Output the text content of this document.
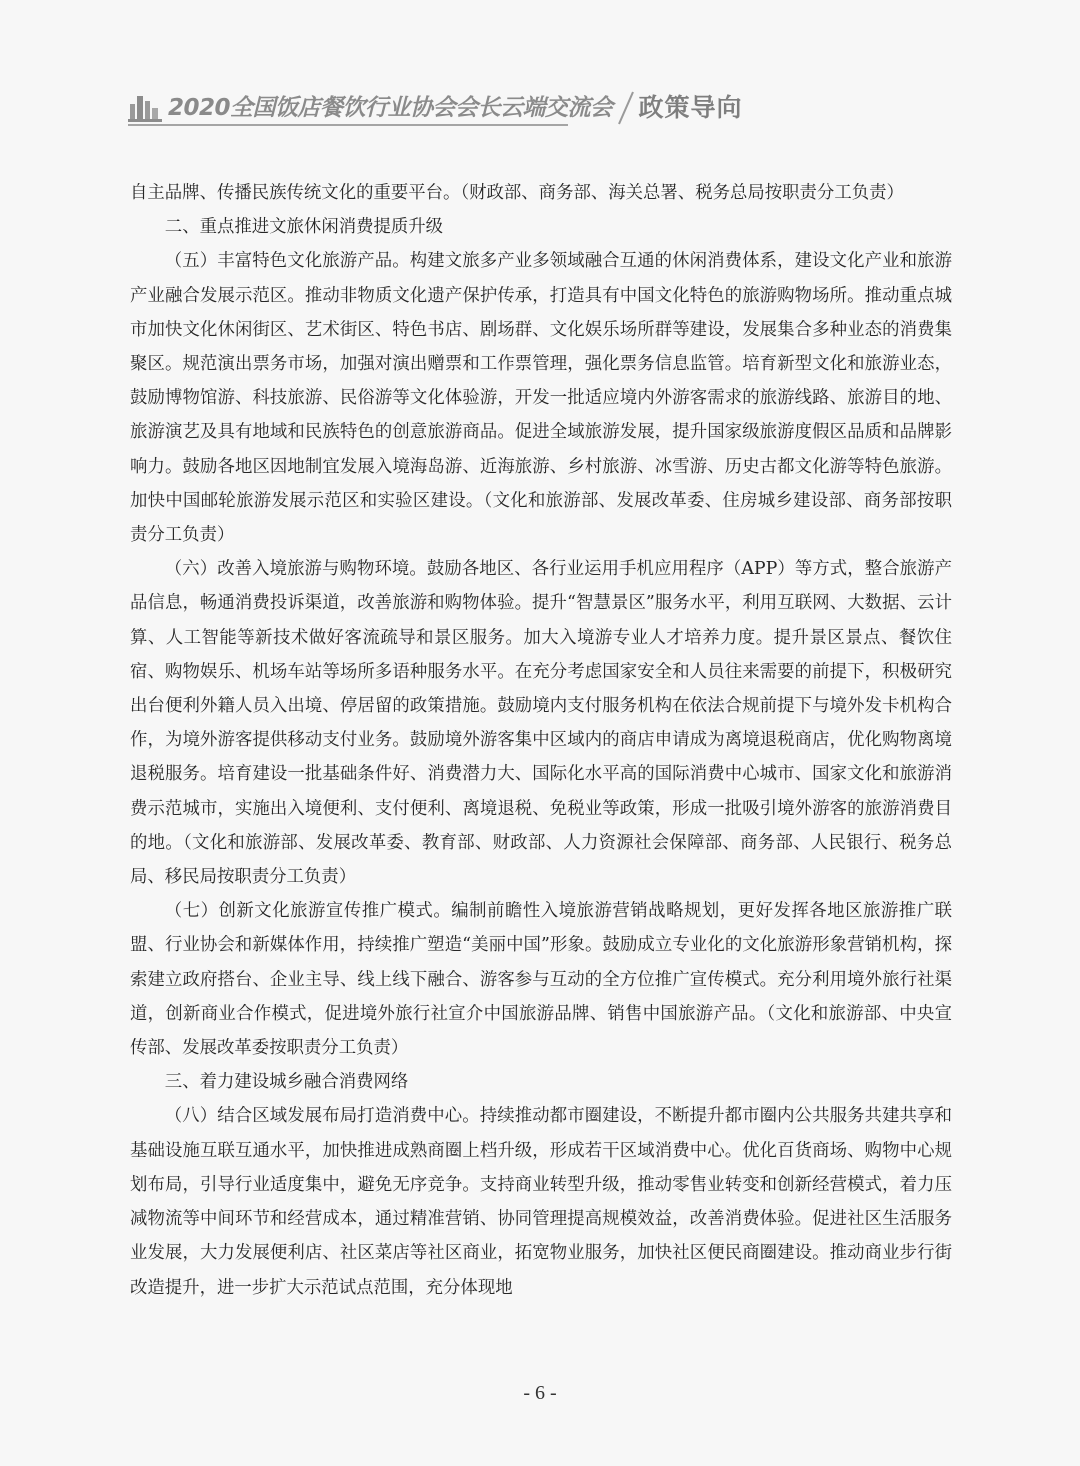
2020全国饭店餐饮行业协会会长云端交流会 政策导向

自主品牌、传播民族传统文化的重要平台。（财政部、商务部、海关总署、税务总局按职责分工负责）

二、重点推进文旅休闲消费提质升级

（五）丰富特色文化旅游产品。构建文旅多产业多领域融合互通的休闲消费体系，建设文化产业和旅游产业融合发展示范区。推动非物质文化遗产保护传承，打造具有中国文化特色的旅游购物场所。推动重点城市加快文化休闲街区、艺术街区、特色书店、剧场群、文化娱乐场所群等建设，发展集合多种业态的消费集聚区。规范演出票务市场，加强对演出赠票和工作票管理，强化票务信息监管。培育新型文化和旅游业态，鼓励博物馆游、科技旅游、民俗游等文化体验游，开发一批适应境内外游客需求的旅游线路、旅游目的地、旅游演艺及具有地域和民族特色的创意旅游商品。促进全域旅游发展，提升国家级旅游度假区品质和品牌影响力。鼓励各地区因地制宜发展入境海岛游、近海旅游、乡村旅游、冰雪游、历史古都文化游等特色旅游。加快中国邮轮旅游发展示范区和实验区建设。（文化和旅游部、发展改革委、住房城乡建设部、商务部按职责分工负责）

（六）改善入境旅游与购物环境。鼓励各地区、各行业运用手机应用程序（APP）等方式，整合旅游产品信息，畅通消费投诉渠道，改善旅游和购物体验。提升“智慧景区”服务水平，利用互联网、大数据、云计算、人工智能等新技术做好客流疏导和景区服务。加大入境游专业人才培养力度。提升景区景点、餐饮住宿、购物娱乐、机场车站等场所多语种服务水平。在充分考虑国家安全和人员往来需要的前提下，积极研究出台便利外籍人员入出境、停居留的政策措施。鼓励境内支付服务机构在依法合规前提下与境外发卡机构合作，为境外游客提供移动支付业务。鼓励境外游客集中区域内的商店申请成为离境退税商店，优化购物离境退税服务。培育建设一批基础条件好、消费潜力大、国际化水平高的国际消费中心城市、国家文化和旅游消费示范城市，实施出入境便利、支付便利、离境退税、免税业等政策，形成一批吸引境外游客的旅游消费目的地。（文化和旅游部、发展改革委、教育部、财政部、人力资源社会保障部、商务部、人民银行、税务总局、移民局按职责分工负责）

（七）创新文化旅游宣传推广模式。编制前瞻性入境旅游营销战略规划，更好发挥各地区旅游推广联盟、行业协会和新媒体作用，持续推广塑造“美丽中国”形象。鼓励成立专业化的文化旅游形象营销机构，探索建立政府搭台、企业主导、线上线下融合、游客参与互动的全方位推广宣传模式。充分利用境外旅行社渠道，创新商业合作模式，促进境外旅行社宣介中国旅游品牌、销售中国旅游产品。（文化和旅游部、中央宣传部、发展改革委按职责分工负责）

三、着力建设城乡融合消费网络

（八）结合区域发展布局打造消费中心。持续推动都市圈建设，不断提升都市圈内公共服务共建共享和基础设施互联互通水平，加快推进成熟商圈上档升级，形成若干区域消费中心。优化百货商场、购物中心规划布局，引导行业适度集中，避免无序竞争。支持商业转型升级，推动零售业转变和创新经营模式，着力压减物流等中间环节和经营成本，通过精准营销、协同管理提高规模效益，改善消费体验。促进社区生活服务业发展，大力发展便利店、社区菜店等社区商业，拓宽物业服务，加快社区便民商圈建设。推动商业步行街改造提升，进一步扩大示范试点范围，充分体现地

- 6 -
